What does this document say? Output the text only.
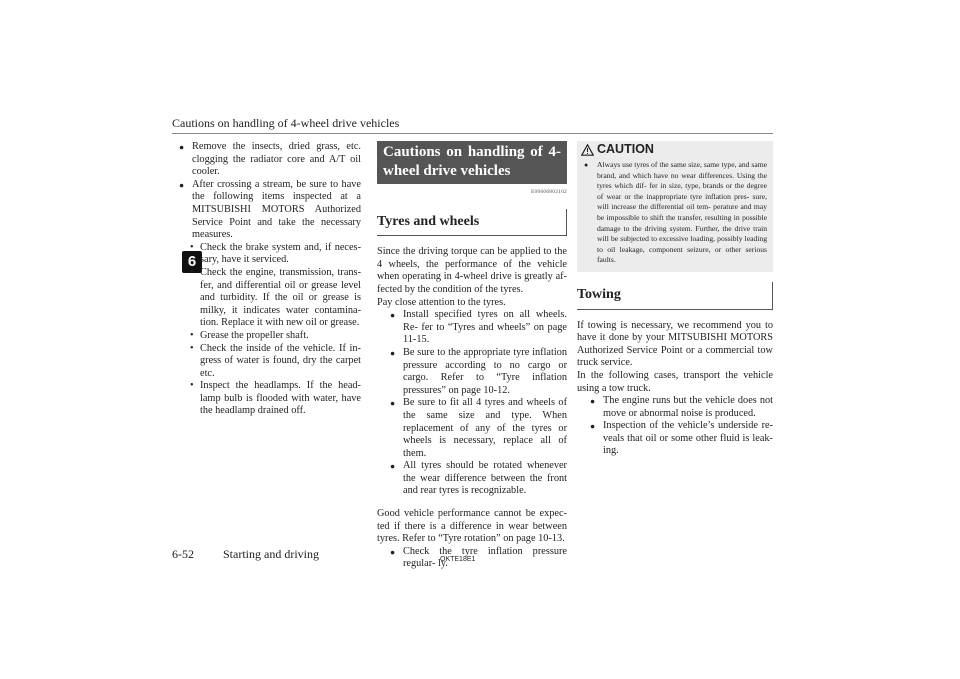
Cautions on handling of 4-wheel drive vehicles
6

● Remove the insects, dried grass, etc. clogging the radiator core and A/T oil cooler.

● After crossing a stream, be sure to have the following items inspected at a MITSUBISHI MOTORS Authorized Service Point and take the necessary measures.

• Check the brake system and, if neces- sary, have it serviced.

• Check the engine, transmission, trans- fer, and differential oil or grease level and turbidity. If the oil or grease is milky, it indicates water contamina- tion. Replace it with new oil or grease.

• Grease the propeller shaft.

• Check the inside of the vehicle. If in- gress of water is found, dry the carpet etc.

• Inspect the headlamps. If the head- lamp bulb is flooded with water, have the headlamp drained off.

Cautions on handling of 4- wheel drive vehicles
E00606802102
Tyres and wheels

Since the driving torque can be applied to the 4 wheels, the performance of the vehicle when operating in 4-wheel drive is greatly af- fected by the condition of the tyres.

Pay close attention to the tyres.

● Install specified tyres on all wheels. Re- fer to “Tyres and wheels” on page 11-15.

● Be sure to the appropriate tyre inflation pressure according to no cargo or cargo. Refer to “Tyre inflation pressures” on page 10-12.

● Be sure to fit all 4 tyres and wheels of the same size and type. When replacement of any of the tyres or wheels is necessary, replace all of them.

● All tyres should be rotated whenever the wear difference between the front and rear tyres is recognizable.

Good vehicle performance cannot be expec- ted if there is a difference in wear between tyres. Refer to “Tyre rotation” on page 10-13.

● Check the tyre inflation pressure regular- ly.

CAUTION

● Always use tyres of the same size, same type, and same brand, and which have no wear differences. Using the tyres which dif- fer in size, type, brands or the degree of wear or the inappropriate tyre inflation pres- sure, will increase the differential oil tem- perature and may be impossible to shift the transfer, resulting in possible damage to the driving system. Further, the drive train will be subjected to excessive loading, possibly leading to oil leakage, component seizure, or other serious faults.

Towing

If towing is necessary, we recommend you to have it done by your MITSUBISHI MOTORS Authorized Service Point or a commercial tow truck service.

In the following cases, transport the vehicle using a tow truck.

● The engine runs but the vehicle does not move or abnormal noise is produced.

● Inspection of the vehicle’s underside re- veals that oil or some other fluid is leak- ing.

6-52 Starting and driving	OKTE18E1
